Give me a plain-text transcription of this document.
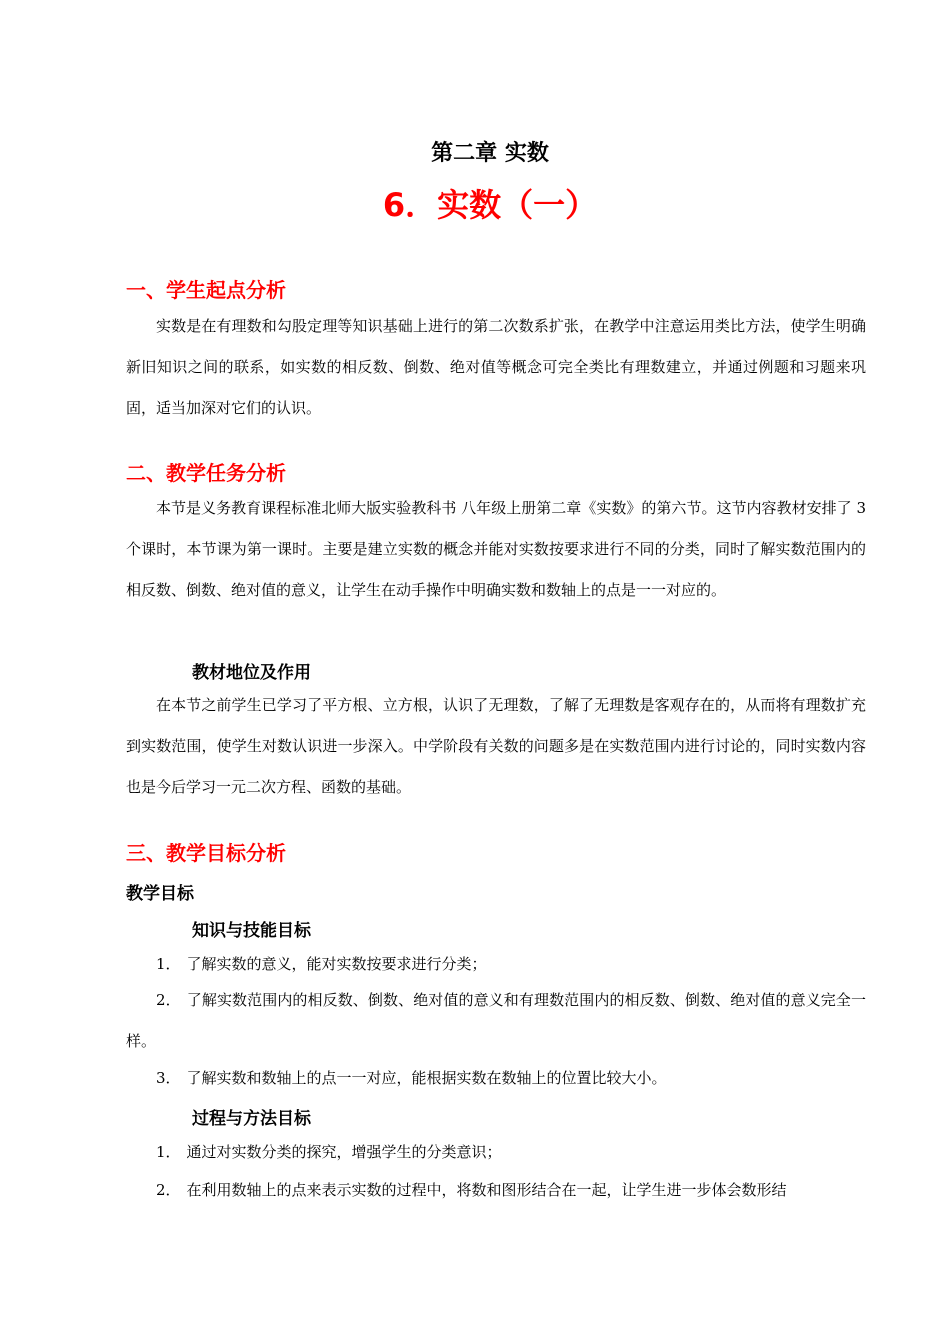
第二章 实数
6．实数（一）
一、学生起点分析
实数是在有理数和勾股定理等知识基础上进行的第二次数系扩张，在教学中注意运用类比方法，使学生明确新旧知识之间的联系，如实数的相反数、倒数、绝对值等概念可完全类比有理数建立，并通过例题和习题来巩固，适当加深对它们的认识。
二、教学任务分析
本节是义务教育课程标准北师大版实验教科书 八年级上册第二章《实数》的第六节。这节内容教材安排了 3 个课时，本节课为第一课时。主要是建立实数的概念并能对实数按要求进行不同的分类，同时了解实数范围内的相反数、倒数、绝对值的意义，让学生在动手操作中明确实数和数轴上的点是一一对应的。
教材地位及作用
在本节之前学生已学习了平方根、立方根，认识了无理数，了解了无理数是客观存在的，从而将有理数扩充到实数范围，使学生对数认识进一步深入。中学阶段有关数的问题多是在实数范围内进行讨论的，同时实数内容也是今后学习一元二次方程、函数的基础。
三、教学目标分析
教学目标
知识与技能目标
1． 了解实数的意义，能对实数按要求进行分类；
2． 了解实数范围内的相反数、倒数、绝对值的意义和有理数范围内的相反数、倒数、绝对值的意义完全一样。
3． 了解实数和数轴上的点一一对应，能根据实数在数轴上的位置比较大小。
过程与方法目标
1． 通过对实数分类的探究，增强学生的分类意识；
2． 在利用数轴上的点来表示实数的过程中，将数和图形结合在一起，让学生进一步体会数形结
